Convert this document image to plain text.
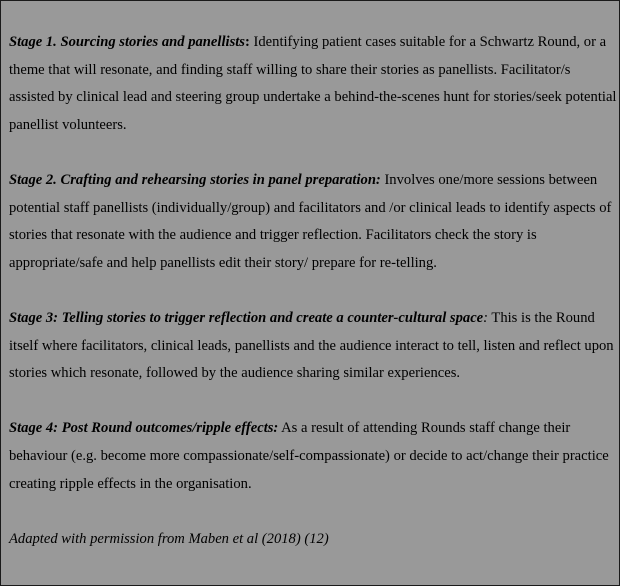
Stage 1. Sourcing stories and panellists: Identifying patient cases suitable for a Schwartz Round, or a theme that will resonate, and finding staff willing to share their stories as panellists. Facilitator/s assisted by clinical lead and steering group undertake a behind-the-scenes hunt for stories/seek potential panellist volunteers.

Stage 2. Crafting and rehearsing stories in panel preparation: Involves one/more sessions between potential staff panellists (individually/group) and facilitators and /or clinical leads to identify aspects of stories that resonate with the audience and trigger reflection. Facilitators check the story is appropriate/safe and help panellists edit their story/ prepare for re-telling.

Stage 3: Telling stories to trigger reflection and create a counter-cultural space: This is the Round itself where facilitators, clinical leads, panellists and the audience interact to tell, listen and reflect upon stories which resonate, followed by the audience sharing similar experiences.

Stage 4: Post Round outcomes/ripple effects: As a result of attending Rounds staff change their behaviour (e.g. become more compassionate/self-compassionate) or decide to act/change their practice creating ripple effects in the organisation.

Adapted with permission from Maben et al (2018) (12)
